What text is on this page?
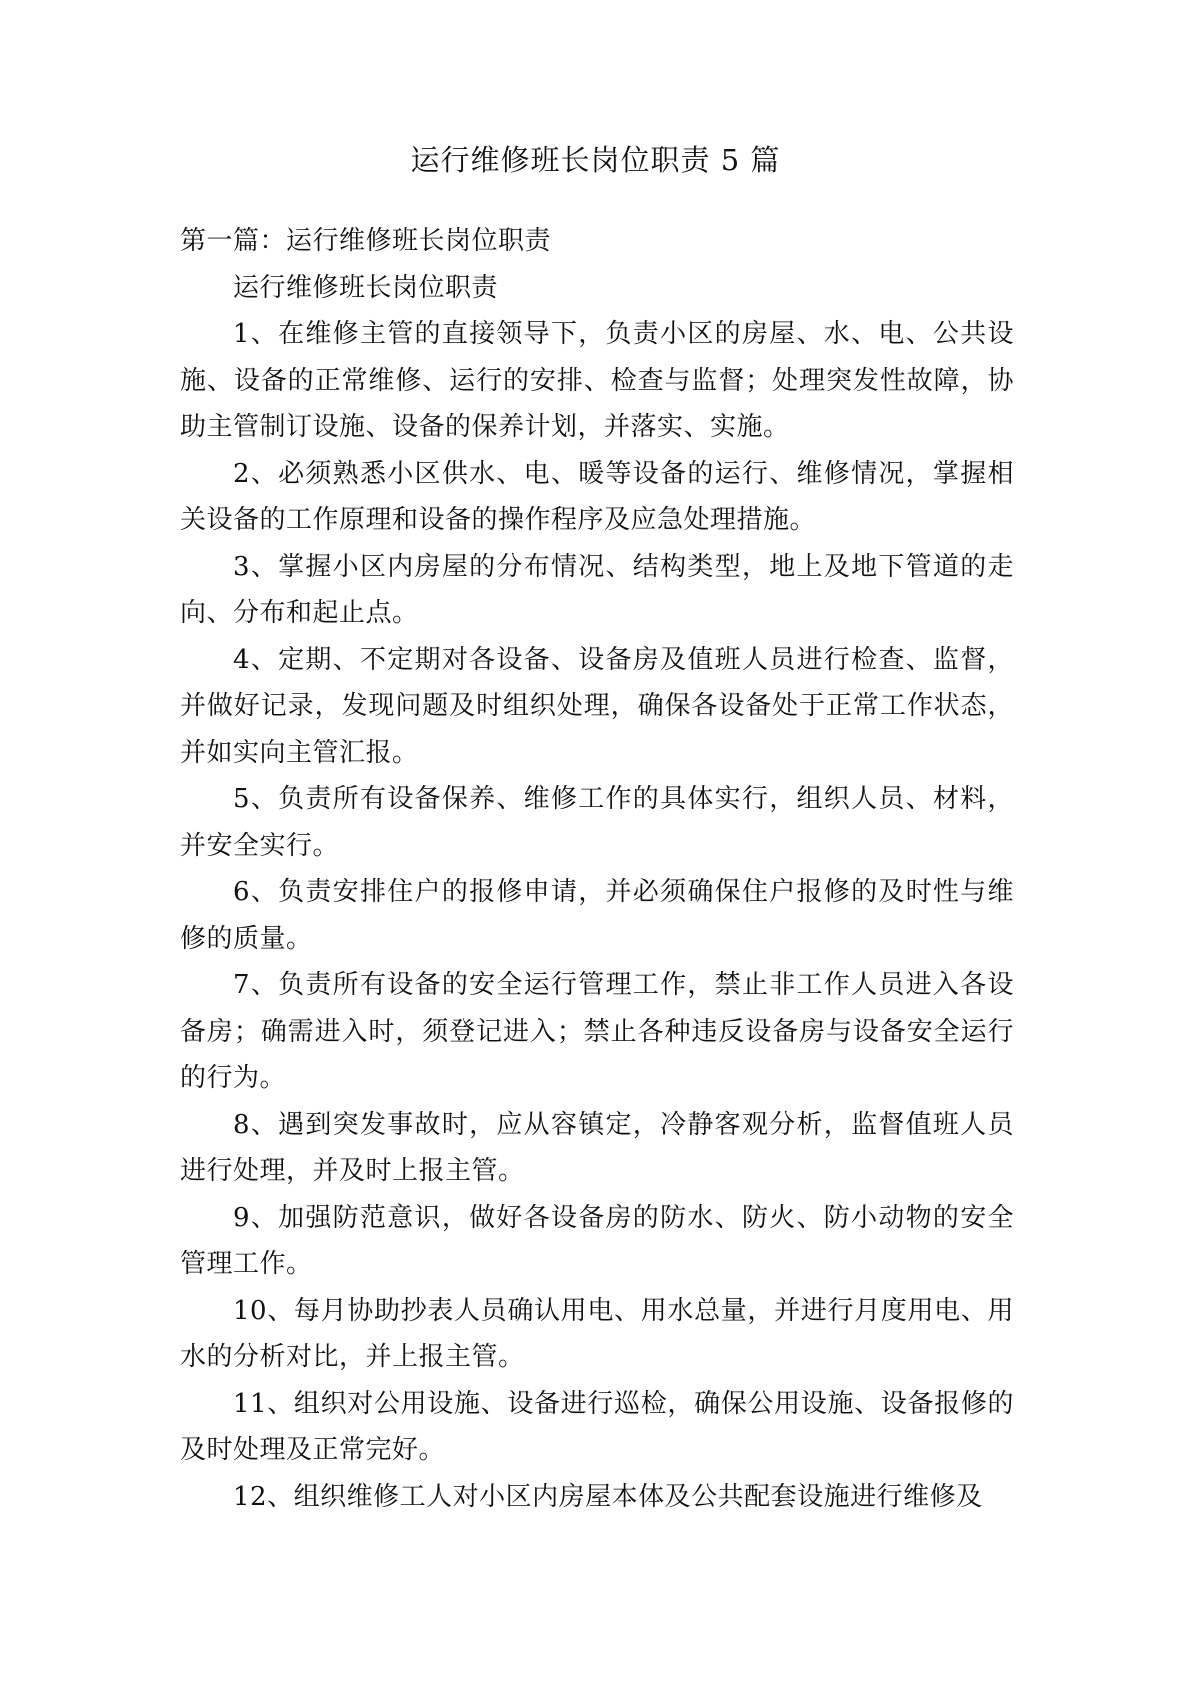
运行维修班长岗位职责 5 篇

第一篇：运行维修班长岗位职责

运行维修班长岗位职责

1、在维修主管的直接领导下，负责小区的房屋、水、电、公共设施、设备的正常维修、运行的安排、检查与监督；处理突发性故障，协助主管制订设施、设备的保养计划，并落实、实施。

2、必须熟悉小区供水、电、暖等设备的运行、维修情况，掌握相关设备的工作原理和设备的操作程序及应急处理措施。

3、掌握小区内房屋的分布情况、结构类型，地上及地下管道的走向、分布和起止点。

4、定期、不定期对各设备、设备房及值班人员进行检查、监督，并做好记录，发现问题及时组织处理，确保各设备处于正常工作状态，并如实向主管汇报。

5、负责所有设备保养、维修工作的具体实行，组织人员、材料，并安全实行。

6、负责安排住户的报修申请，并必须确保住户报修的及时性与维修的质量。

7、负责所有设备的安全运行管理工作，禁止非工作人员进入各设备房；确需进入时，须登记进入；禁止各种违反设备房与设备安全运行的行为。

8、遇到突发事故时，应从容镇定，冷静客观分析，监督值班人员进行处理，并及时上报主管。

9、加强防范意识，做好各设备房的防水、防火、防小动物的安全管理工作。

10、每月协助抄表人员确认用电、用水总量，并进行月度用电、用水的分析对比，并上报主管。

11、组织对公用设施、设备进行巡检，确保公用设施、设备报修的及时处理及正常完好。

12、组织维修工人对小区内房屋本体及公共配套设施进行维修及
